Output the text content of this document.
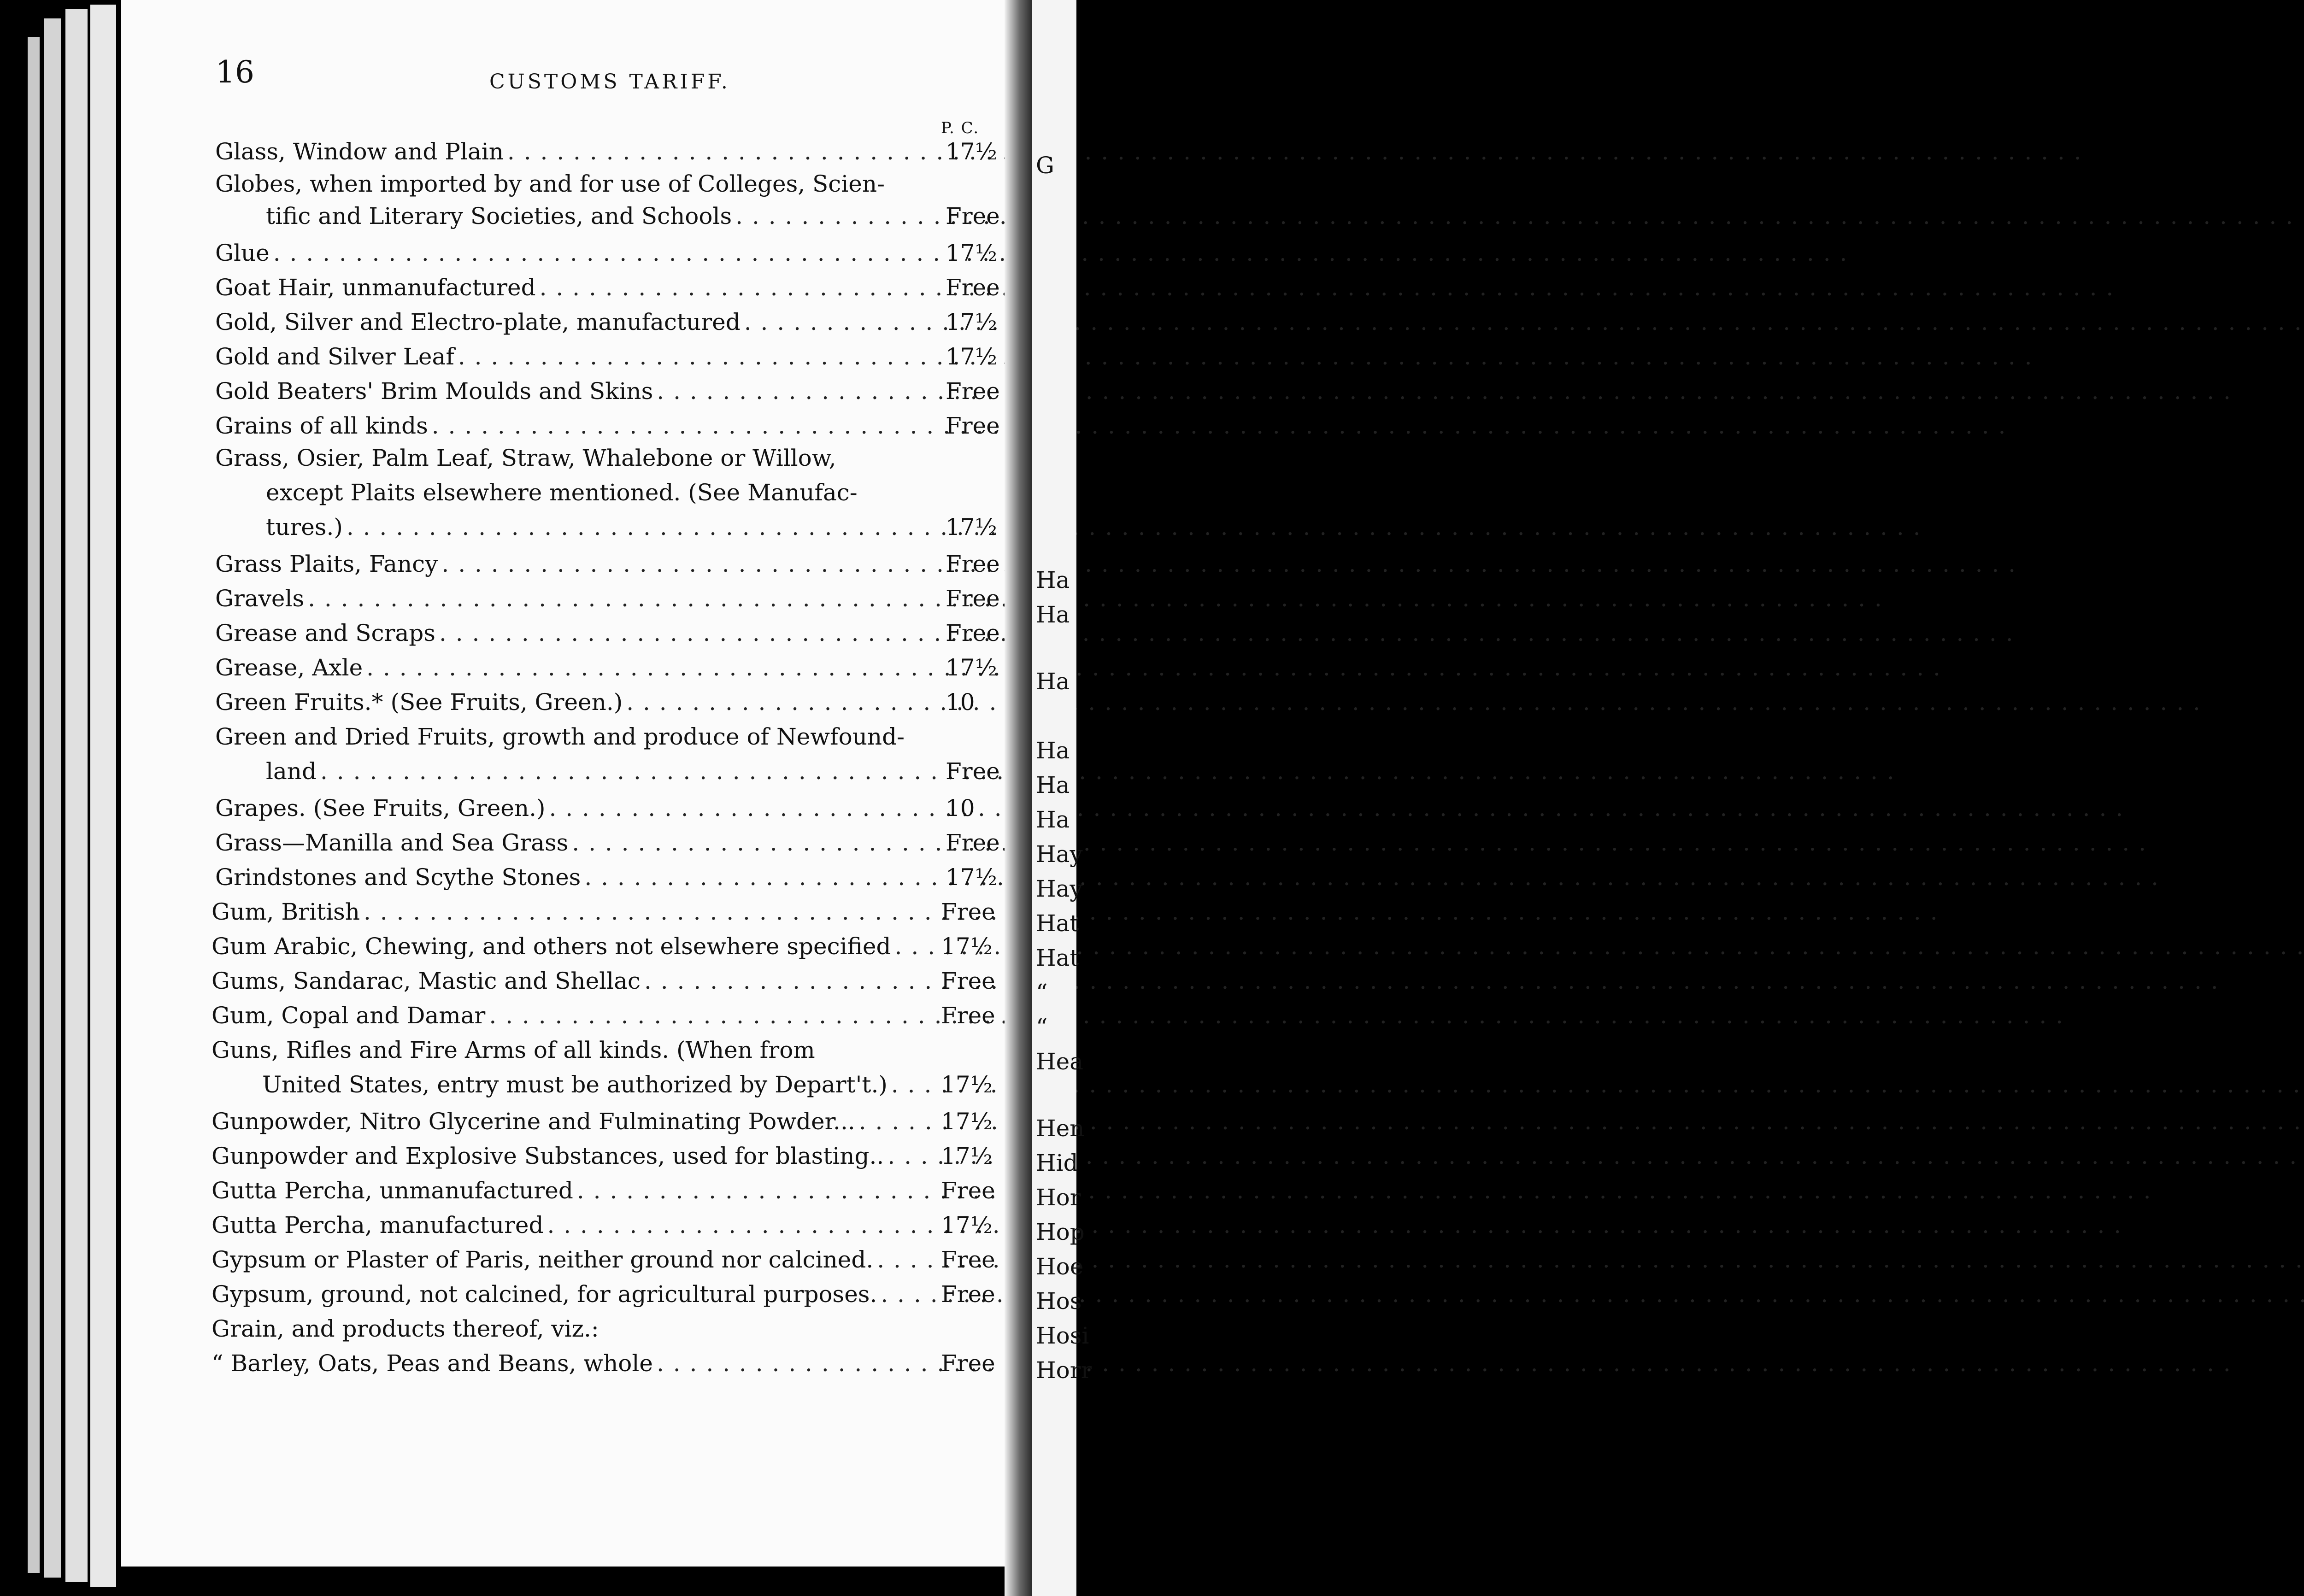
16	CUSTOMS TARIFF.
P. C.
Glass, Window and Plain . . .	17½
Globes, when imported by and for use of Colleges, Scien-
tific and Literary Societies, and Schools . . .	Free
Glue . . .	17½
Goat Hair, unmanufactured . . .	Free
Gold, Silver and Electro-plate, manufactured . . .	17½
Gold and Silver Leaf . . .	17½
Gold Beaters' Brim Moulds and Skins . . .	Free
Grains of all kinds . . .	Free
Grass, Osier, Palm Leaf, Straw, Whalebone or Willow,
except Plaits elsewhere mentioned. (See Manufac-
tures.) . . .	17½
Grass Plaits, Fancy . . .	Free
Gravels . . .	Free
Grease and Scraps . . .	Free
Grease, Axle . . .	17½
Green Fruits.* (See Fruits, Green.) . . .	10
Green and Dried Fruits, growth and produce of Newfound-
land . . .	Free
Grapes. (See Fruits, Green.) . . .	10
Grass—Manilla and Sea Grass . . .	Free
Grindstones and Scythe Stones . . .	17½
Gum, British . . .	Free
Gum Arabic, Chewing, and others not elsewhere specified . . . 17½
Gums, Sandarac, Mastic and Shellac . . .	Free
Gum, Copal and Damar . . .	Free
Guns, Rifles and Fire Arms of all kinds. (When from
United States, entry must be authorized by Depart't.) . . . 17½
Gunpowder, Nitro Glycerine and Fulminating Powder... . . .	17½
Gunpowder and Explosive Substances, used for blasting.. . . . 17½
Gutta Percha, unmanufactured . . .	Free
Gutta Percha, manufactured . . .	17½
Gypsum or Plaster of Paris, neither ground nor calcined. . . .	Free
Gypsum, ground, not calcined, for agricultural purposes. . . .	Free
Grain, and products thereof, viz.:
“ Barley, Oats, Peas and Beans, whole . . .	Free
G
Ha
Ha
Ha
Ha
Ha
Ha
Hay
Hay
Hat
Hat
“
“
Hea
Hen
Hid
Hor
Hop
Hoe
Hos
Hosi
Horr
